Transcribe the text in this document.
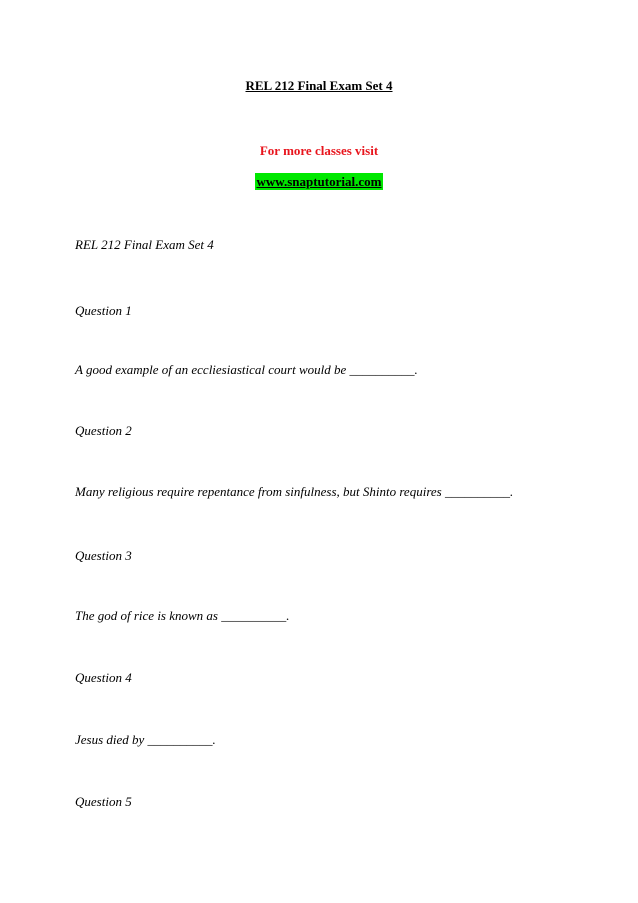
REL 212 Final Exam Set 4
For more classes visit
www.snaptutorial.com
REL 212 Final Exam Set 4
Question 1
A good example of an eccliesiastical court would be __________.
Question 2
Many religious require repentance from sinfulness, but Shinto requires __________.
Question 3
The god of rice is known as __________.
Question 4
Jesus died by __________.
Question 5
